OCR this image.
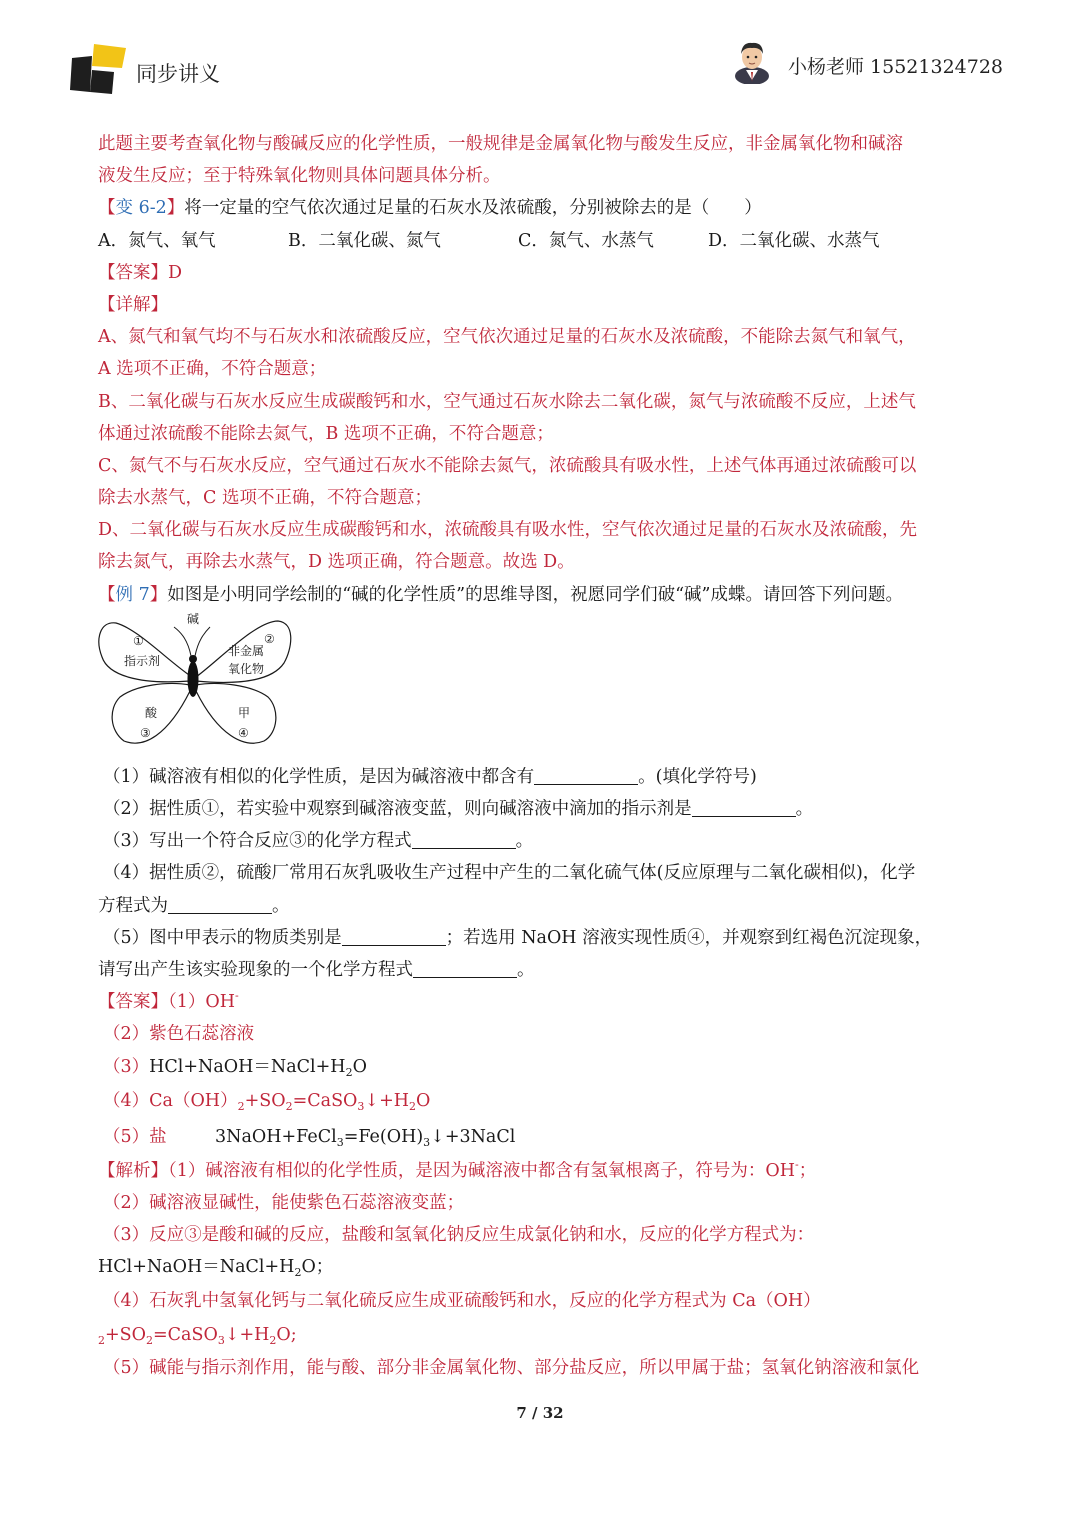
同步讲义	小杨老师 15521324728
此题主要考查氧化物与酸碱反应的化学性质，一般规律是金属氧化物与酸发生反应，非金属氧化物和碱溶
液发生反应；至于特殊氧化物则具体问题具体分析。
【变 6-2】将一定量的空气依次通过足量的石灰水及浓硫酸，分别被除去的是（　　）
A．氮气、氧气	B．二氧化碳、氮气	C．氮气、水蒸气	D．二氧化碳、水蒸气
【答案】D
【详解】
A、氮气和氧气均不与石灰水和浓硫酸反应，空气依次通过足量的石灰水及浓硫酸，不能除去氮气和氧气，
A 选项不正确，不符合题意；
B、二氧化碳与石灰水反应生成碳酸钙和水，空气通过石灰水除去二氧化碳，氮气与浓硫酸不反应，上述气
体通过浓硫酸不能除去氮气，B 选项不正确，不符合题意；
C、氮气不与石灰水反应，空气通过石灰水不能除去氮气，浓硫酸具有吸水性，上述气体再通过浓硫酸可以
除去水蒸气，C 选项不正确，不符合题意；
D、二氧化碳与石灰水反应生成碳酸钙和水，浓硫酸具有吸水性，空气依次通过足量的石灰水及浓硫酸，先
除去氮气，再除去水蒸气，D 选项正确，符合题意。故选 D。
【例 7】如图是小明同学绘制的“碱的化学性质”的思维导图，祝愿同学们破“碱”成蝶。请回答下列问题。
碱
①
指示剂
②
非金属
氧化物
酸
③
甲
④
（1）碱溶液有相似的化学性质，是因为碱溶液中都含有	。(填化学符号)
（2）据性质①，若实验中观察到碱溶液变蓝，则向碱溶液中滴加的指示剂是	。
（3）写出一个符合反应③的化学方程式	。
（4）据性质②，硫酸厂常用石灰乳吸收生产过程中产生的二氧化硫气体(反应原理与二氧化碳相似)，化学
方程式为	。
（5）图中甲表示的物质类别是	；若选用 NaOH 溶液实现性质④，并观察到红褐色沉淀现象，
请写出产生该实验现象的一个化学方程式	。
【答案】（1）OH-
（2）紫色石蕊溶液
$(3)HCl+NaOH=NaCl+H_2O$
$(4)Ca(OH)_2+SO_2=CaSO_3↓+H_2O$
（5）盐	$3NaOH+FeCl_3=Fe(OH)_3↓+3NaCl$
【解析】（1）碱溶液有相似的化学性质，是因为碱溶液中都含有氢氧根离子，符号为：OH-；
（2）碱溶液显碱性，能使紫色石蕊溶液变蓝；
（3）反应③是酸和碱的反应，盐酸和氢氧化钠反应生成氯化钠和水，反应的化学方程式为：
$HCl+NaOH=NaCl+H_2O$；
（4）石灰乳中氢氧化钙与二氧化硫反应生成亚硫酸钙和水，反应的化学方程式为 Ca（OH）
$_2+SO_2=CaSO_3↓+H_2O$;
（5）碱能与指示剂作用，能与酸、部分非金属氧化物、部分盐反应，所以甲属于盐；氢氧化钠溶液和氯化
7 / 32
